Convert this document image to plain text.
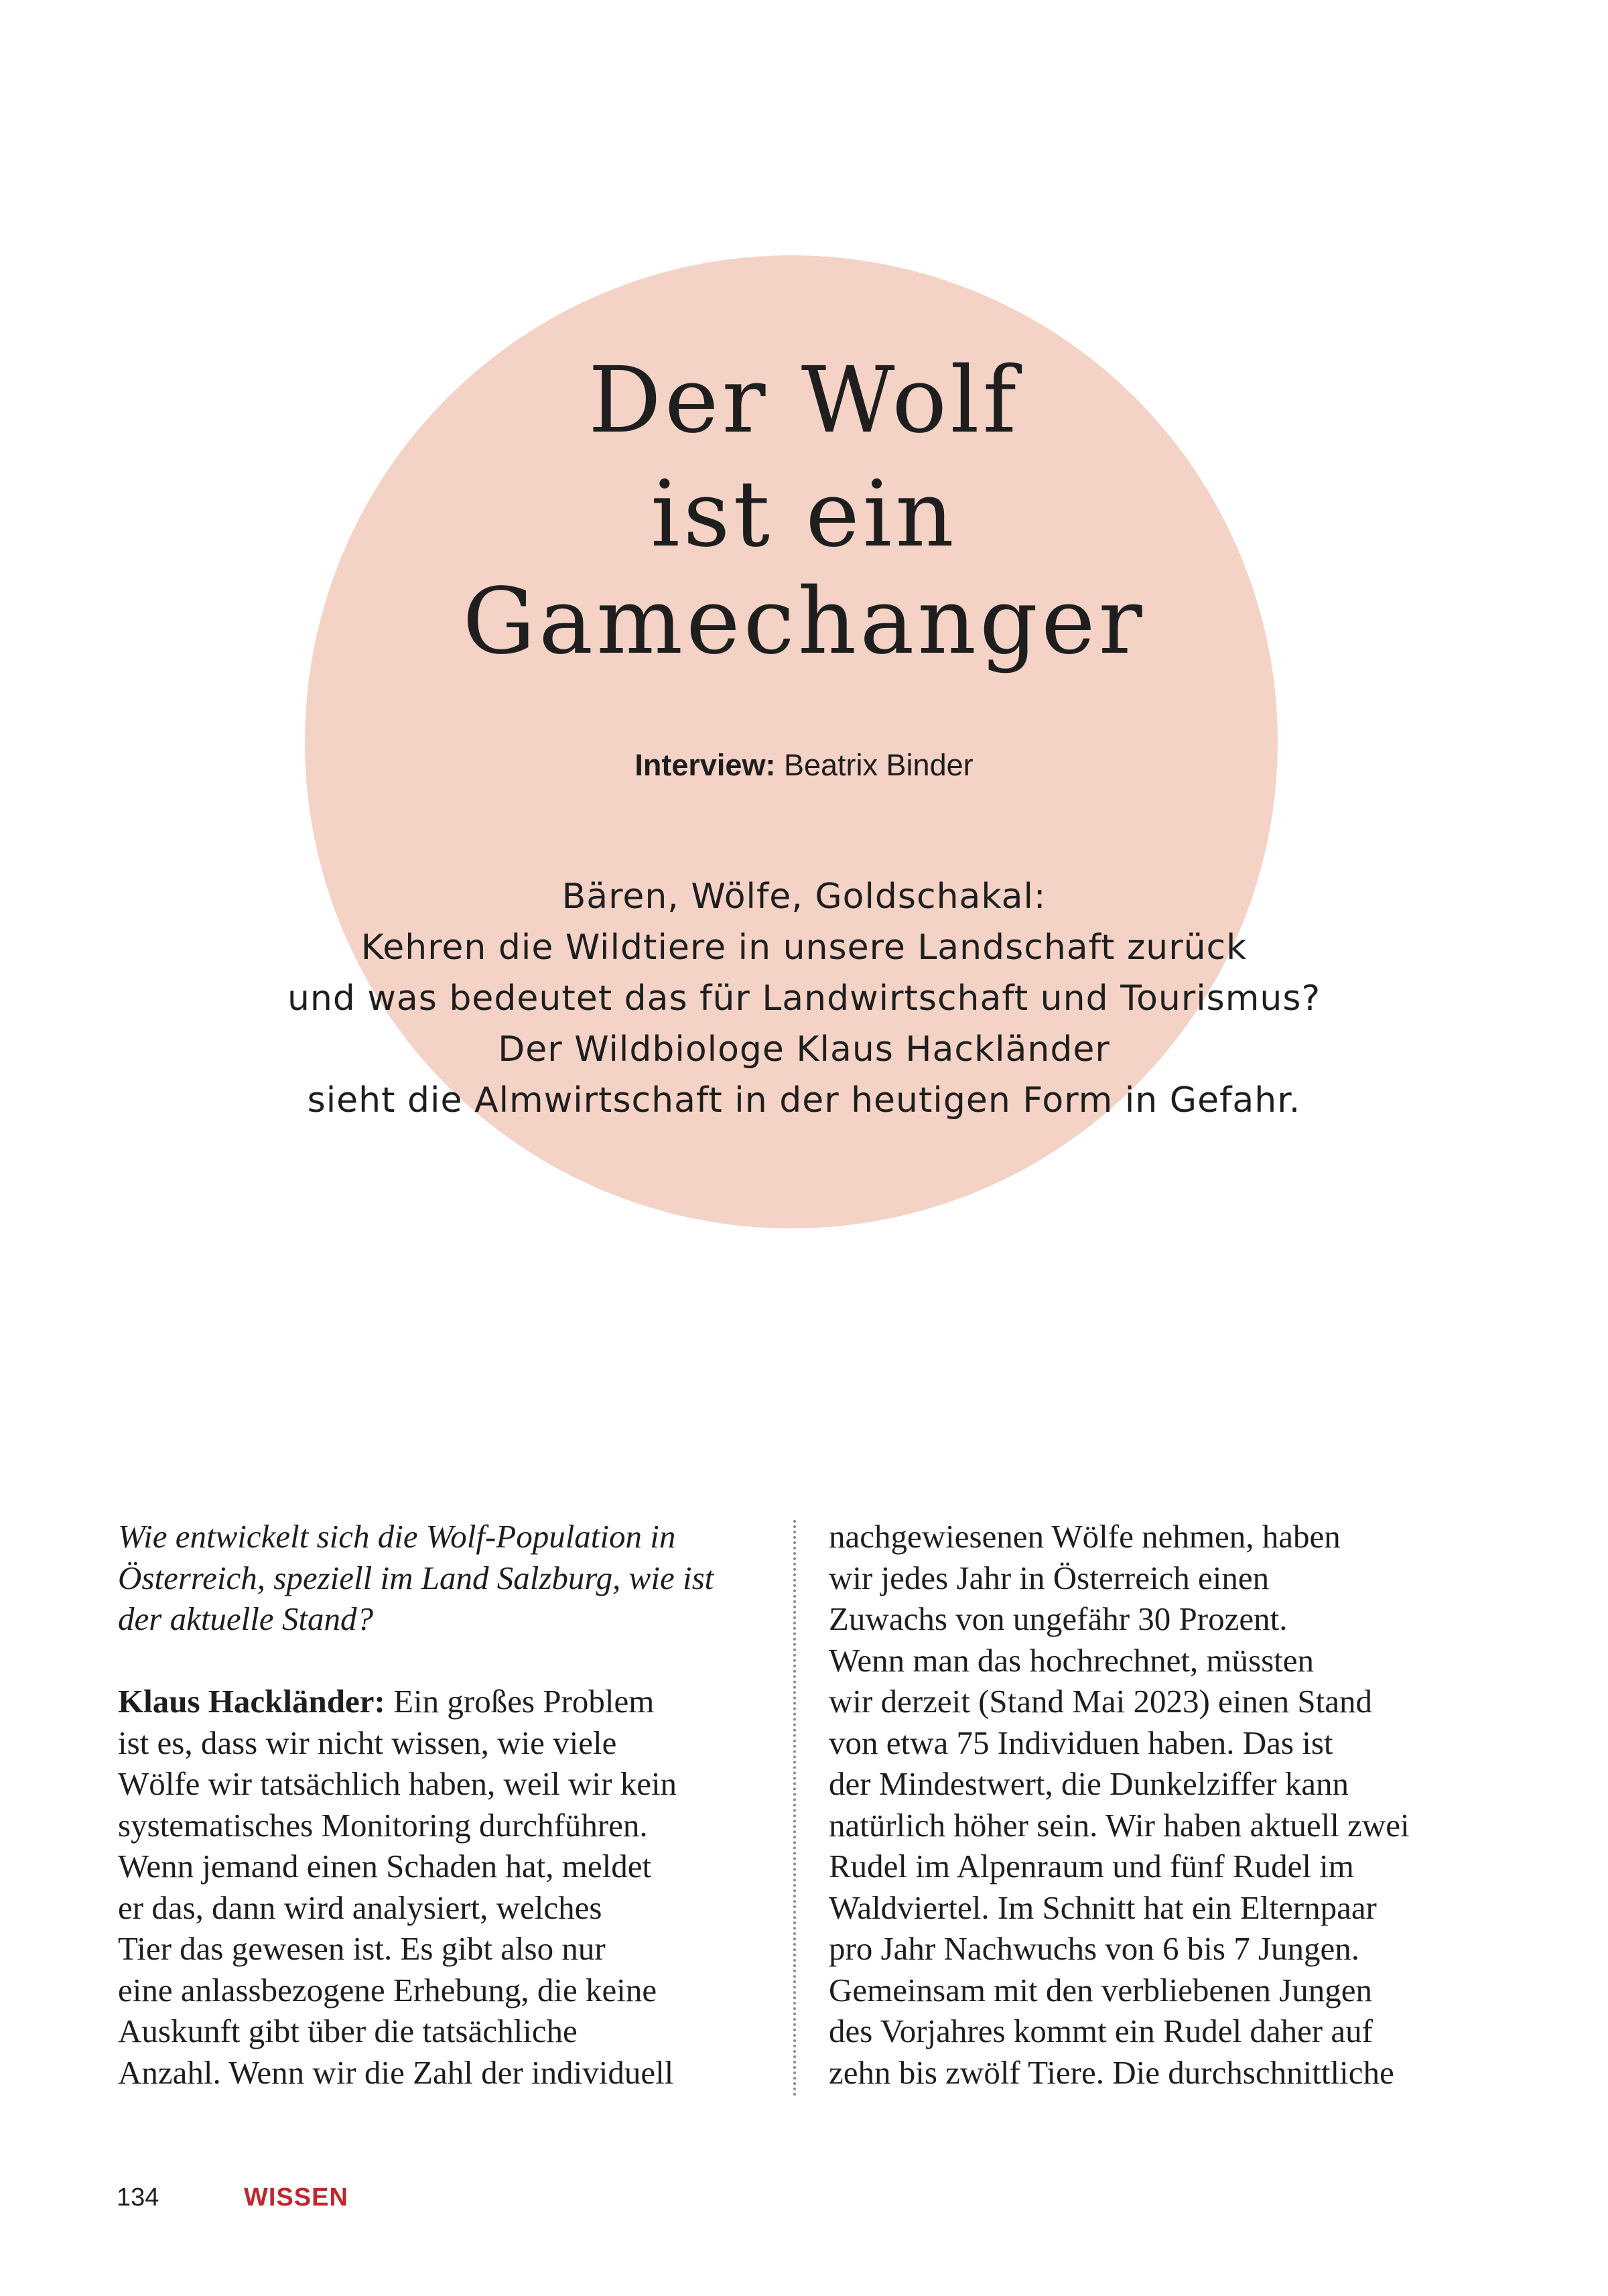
Der Wolf
ist ein
Gamechanger
Interview: Beatrix Binder
Bären, Wölfe, Goldschakal:
Kehren die Wildtiere in unsere Landschaft zurück
und was bedeutet das für Landwirtschaft und Tourismus?
Der Wildbiologe Klaus Hackländer
sieht die Almwirtschaft in der heutigen Form in Gefahr.

Wie entwickelt sich die Wolf-Population in

Österreich, speziell im Land Salzburg, wie ist

der aktuelle Stand?

Klaus Hackländer: Ein großes Problem

ist es, dass wir nicht wissen, wie viele

Wölfe wir tatsächlich haben, weil wir kein

systematisches Monitoring durchführen.

Wenn jemand einen Schaden hat, meldet

er das, dann wird analysiert, welches

Tier das gewesen ist. Es gibt also nur

eine anlassbezogene Erhebung, die keine

Auskunft gibt über die tatsächliche

Anzahl. Wenn wir die Zahl der individuell

nachgewiesenen Wölfe nehmen, haben

wir jedes Jahr in Österreich einen

Zuwachs von ungefähr 30 Prozent.

Wenn man das hochrechnet, müssten

wir derzeit (Stand Mai 2023) einen Stand

von etwa 75 Individuen haben. Das ist

der Mindestwert, die Dunkelziffer kann

natürlich höher sein. Wir haben aktuell zwei

Rudel im Alpenraum und fünf Rudel im

Waldviertel. Im Schnitt hat ein Elternpaar

pro Jahr Nachwuchs von 6 bis 7 Jungen.

Gemeinsam mit den verbliebenen Jungen

des Vorjahres kommt ein Rudel daher auf

zehn bis zwölf Tiere. Die durchschnittliche

134	WISSEN
